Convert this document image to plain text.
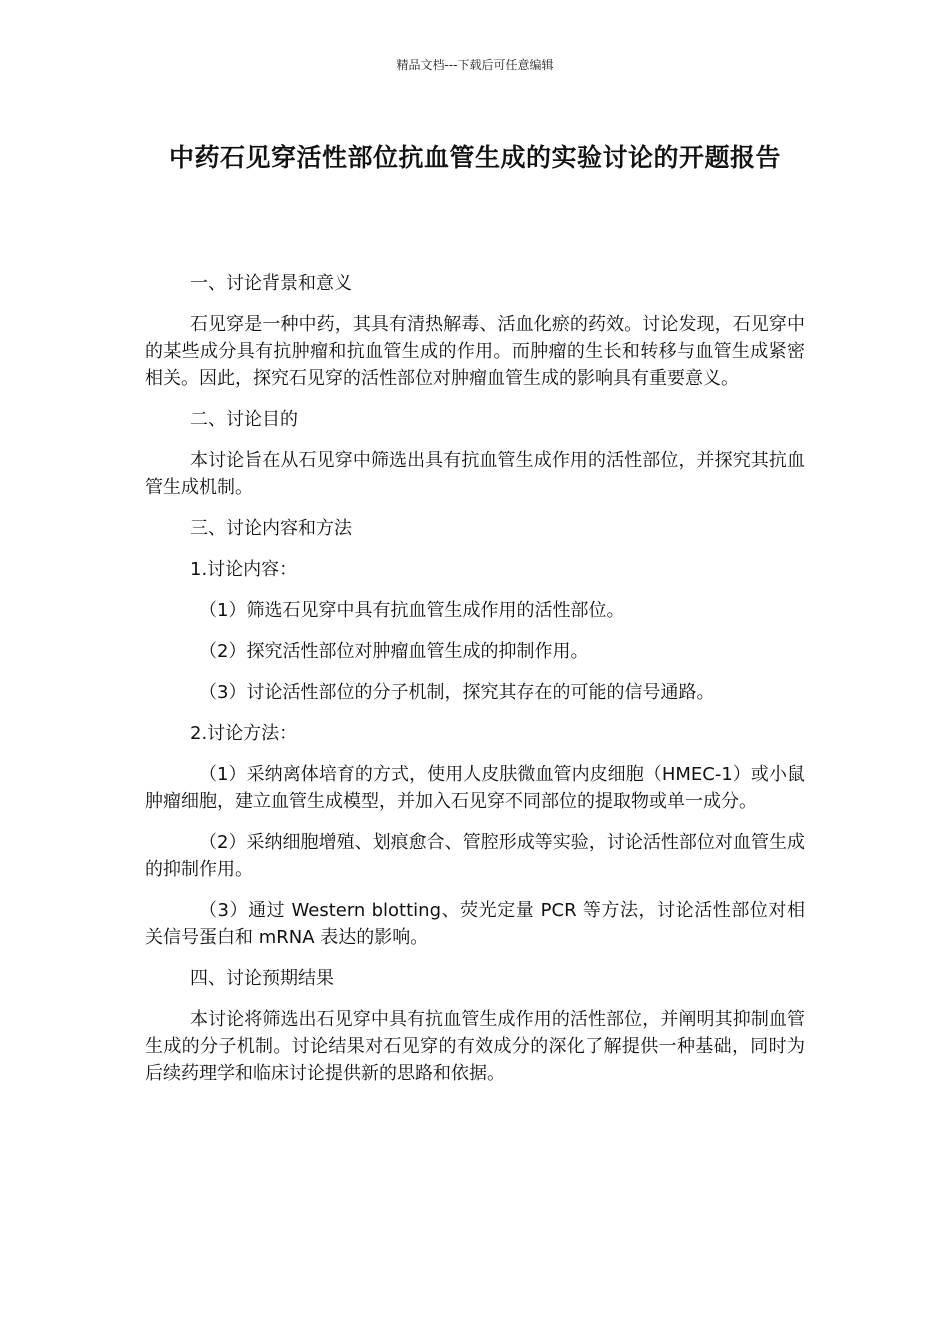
精品文档---下载后可任意编辑
中药石见穿活性部位抗血管生成的实验讨论的开题报告

一、讨论背景和意义

石见穿是一种中药，其具有清热解毒、活血化瘀的药效。讨论发现，石见穿中的某些成分具有抗肿瘤和抗血管生成的作用。而肿瘤的生长和转移与血管生成紧密相关。因此，探究石见穿的活性部位对肿瘤血管生成的影响具有重要意义。

二、讨论目的

本讨论旨在从石见穿中筛选出具有抗血管生成作用的活性部位，并探究其抗血管生成机制。

三、讨论内容和方法

1.讨论内容：

（1）筛选石见穿中具有抗血管生成作用的活性部位。

（2）探究活性部位对肿瘤血管生成的抑制作用。

（3）讨论活性部位的分子机制，探究其存在的可能的信号通路。

2.讨论方法：

（1）采纳离体培育的方式，使用人皮肤微血管内皮细胞（HMEC-1）或小鼠肿瘤细胞，建立血管生成模型，并加入石见穿不同部位的提取物或单一成分。

（2）采纳细胞增殖、划痕愈合、管腔形成等实验，讨论活性部位对血管生成的抑制作用。

（3）通过 Western blotting、荧光定量 PCR 等方法，讨论活性部位对相关信号蛋白和 mRNA 表达的影响。

四、讨论预期结果

本讨论将筛选出石见穿中具有抗血管生成作用的活性部位，并阐明其抑制血管生成的分子机制。讨论结果对石见穿的有效成分的深化了解提供一种基础，同时为后续药理学和临床讨论提供新的思路和依据。
